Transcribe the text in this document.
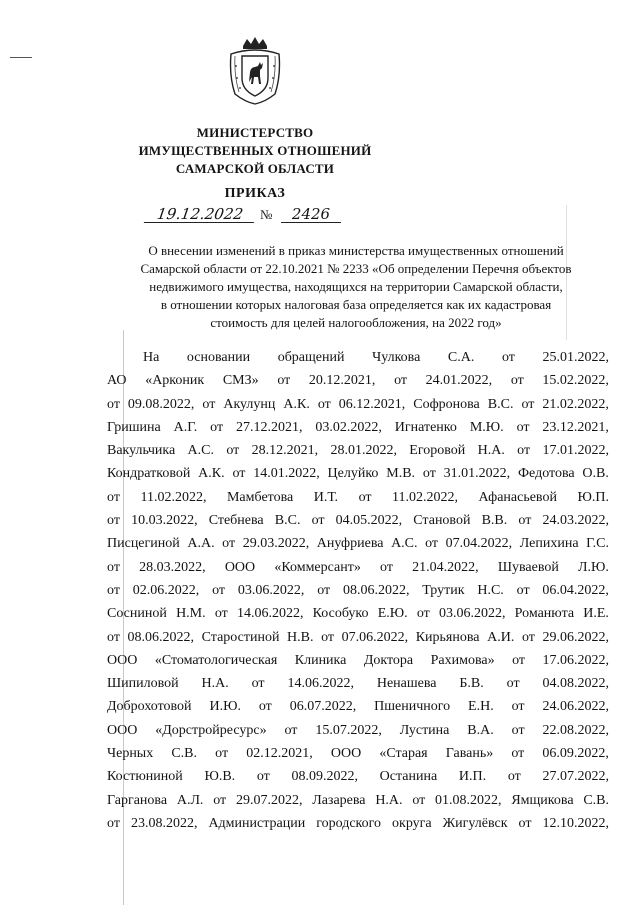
МИНИСТЕРСТВО
ИМУЩЕСТВЕННЫХ ОТНОШЕНИЙ
САМАРСКОЙ ОБЛАСТИ
ПРИКАЗ
19.12.2022	№	2426
О внесении изменений в приказ министерства имущественных отношений
Самарской области от 22.10.2021 № 2233 «Об определении Перечня объектов
недвижимого имущества, находящихся на территории Самарской области,
в отношении которых налоговая база определяется как их кадастровая
стоимость для целей налогообложения, на 2022 год»
На основании обращений Чулкова С.А. от 25.01.2022,
АО «Арконик СМЗ» от 20.12.2021, от 24.01.2022, от 15.02.2022,
от 09.08.2022, от Акулунц А.К. от 06.12.2021, Софронова В.С. от 21.02.2022,
Гришина А.Г. от 27.12.2021, 03.02.2022, Игнатенко М.Ю. от 23.12.2021,
Вакульчика А.С. от 28.12.2021, 28.01.2022, Егоровой Н.А. от 17.01.2022,
Кондратковой А.К. от 14.01.2022, Целуйко М.В. от 31.01.2022, Федотова О.В.
от 11.02.2022, Мамбетова И.Т. от 11.02.2022, Афанасьевой Ю.П.
от 10.03.2022, Стебнева В.С. от 04.05.2022, Становой В.В. от 24.03.2022,
Писцегиной А.А. от 29.03.2022, Ануфриева А.С. от 07.04.2022, Лепихина Г.С.
от 28.03.2022, ООО «Коммерсант» от 21.04.2022, Шуваевой Л.Ю.
от 02.06.2022, от 03.06.2022, от 08.06.2022, Трутик Н.С. от 06.04.2022,
Сосниной Н.М. от 14.06.2022, Кособуко Е.Ю. от 03.06.2022, Романюта И.Е.
от 08.06.2022, Старостиной Н.В. от 07.06.2022, Кирьянова А.И. от 29.06.2022,
ООО «Стоматологическая Клиника Доктора Рахимова» от 17.06.2022,
Шипиловой Н.А. от 14.06.2022, Ненашева Б.В. от 04.08.2022,
Доброхотовой И.Ю. от 06.07.2022, Пшеничного Е.Н. от 24.06.2022,
ООО «Дорстройресурс» от 15.07.2022, Лустина В.А. от 22.08.2022,
Черных С.В. от 02.12.2021, ООО «Старая Гавань» от 06.09.2022,
Костюниной Ю.В. от 08.09.2022, Останина И.П. от 27.07.2022,
Гарганова А.Л. от 29.07.2022, Лазарева Н.А. от 01.08.2022, Ямщикова С.В.
от 23.08.2022, Администрации городского округа Жигулёвск от 12.10.2022,
